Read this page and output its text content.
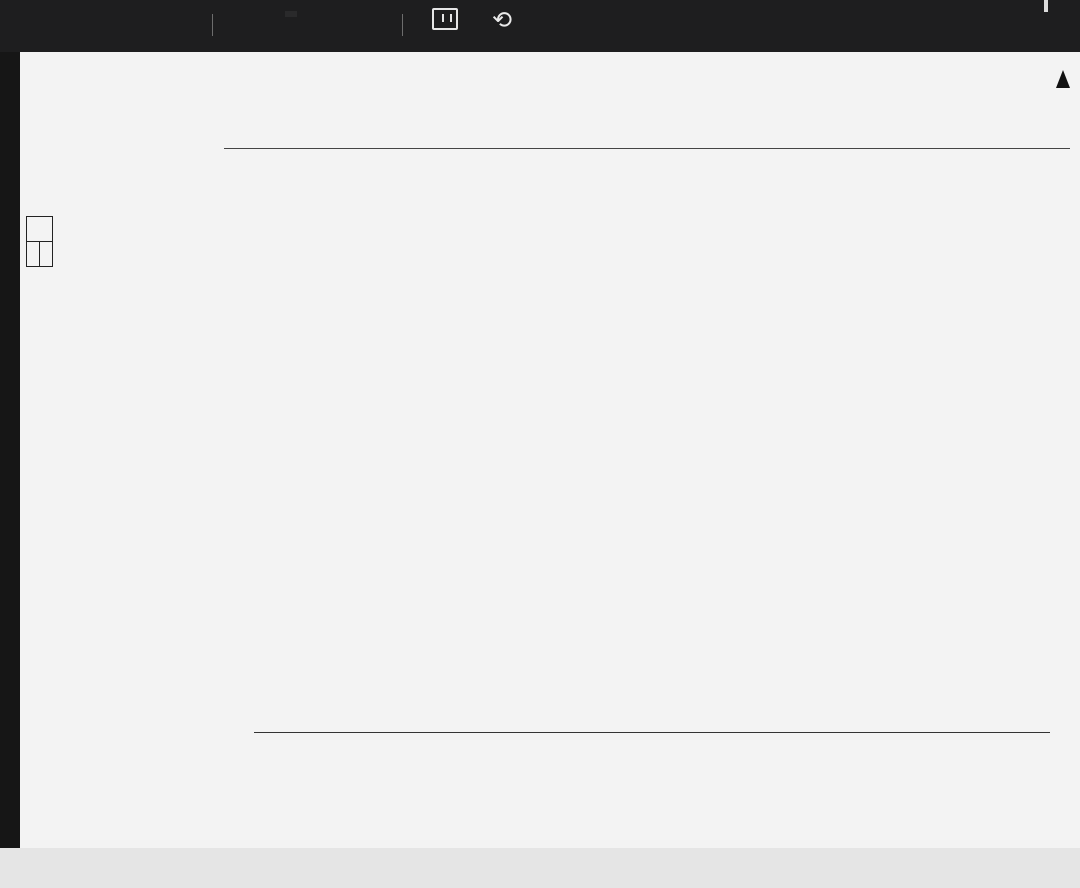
⟲
